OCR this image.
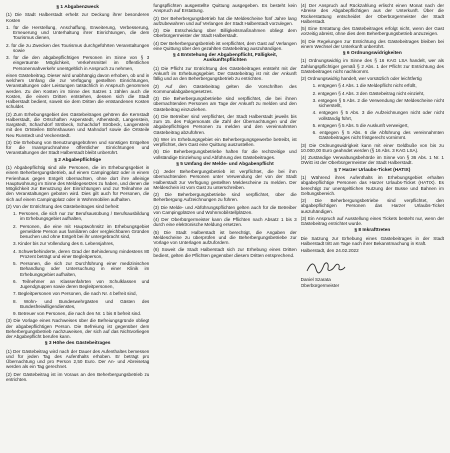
§ 1 Abgabenzweck

(1) Die Stadt Halberstadt erhebt zur Deckung ihrer besonderen Kosten

1. für die Herstellung, Anschaffung, Erweiterung, Verbesserung, Erneuerung und Unterhaltung ihrer Einrichtungen, die dem Tourismus dienen,

2. für die zu Zwecken des Tourismus durchgeführten Veranstaltungen sowie

3. für die den abgabepflichtigen Personen im Sinne von § 3 eingeräumte Möglichkeit, Verkehrsmittel im öffentlichen Personennahverkehr unentgeltlich in Anspruch zu nehmen,

einen Gästebeitrag. Dieser wird unabhängig davon erhoben, ob und in welchem Umfang die zur Verfügung gestellten Einrichtungen, Veranstaltungen oder Leistungen tatsächlich in Anspruch genommen werden. Zu den Kosten im Sinne des Satzes 1 zählen auch die Kosten, die einem Dritten entstehen, dessen sich die Stadt Halberstadt bedient, soweit sie dem Dritten die entstandenen Kosten schuldet.

(2) Zum Erhebungsgebiet des Gästebeitrages gehören die Kernstadt Halberstadt, die Ortschaften Aspenstedt, Athenstedt, Langenstein, Sargstedt, Schachdorf Ströbeck, Schachdorf Ströbeck, Langenstein mit den Ortsteilen Böhnshausen und Mahndorf sowie die Ortsteile Neu Runstedt und Veckenstedt.

(3) Die Erhebung von Benutzungsgebühren und sonstigen Entgelten für die Inanspruchnahme öffentlicher Einrichtungen und Veranstaltungen der Stadt Halberstadt bleibt unberührt.

§ 2 Abgabepflichtige

(1) Abgabepflichtig sind alle Personen, die im Erhebungsgebiet in einem Beherbergungsbetrieb, auf einem Campingplatz oder in einem Ferienhaus gegen Entgelt übernachten, ohne dort ihre alleinige Hauptwohnung im Sinne des Meldegesetzes zu haben, und denen die Möglichkeit zur Benutzung der Einrichtungen und zur Teilnahme an den Veranstaltungen geboten wird. Dies gilt auch für Personen, die sich auf einem Campingplatz oder in Wohnmobilen aufhalten.

(2) Von der Entrichtung des Gästebeitrages sind befreit:

1. Personen, die sich nur zur Berufsausübung / Berufsausbildung im Erhebungsgebiet aufhalten,

2. Personen, die eine mit Hauptwohnsitz im Erhebungsgebiet gemeldete Person aus familiären oder vergleichbaren Gründen besuchen und ohne Entgelt bei ihr untergebracht sind,

3. Kinder bis zur Vollendung des 6. Lebensjahres,

4. Schwerbehinderte, deren Grad der Behinderung mindestens 80 Prozent beträgt und einer Begleitperson,

5. Personen, die sich zur Durchführung einer medizinischen Behandlung oder Untersuchung in einer Klinik im Erhebungsgebiet aufhalten,

6. Teilnehmer an Klassenfahrten von Schulklassen und Jugendgruppen sowie deren Begleitpersonen,

7. Begleitpersonen von Personen, die nach Nr. 4 befreit sind,

8. Wohn- und Bundeswehrgästen und Gästen des Bundesfreiwilligendienstes,

9. Betreuer von Personen, die nach den Nr. 1 bis 8 befreit sind.

(3) Die Vorlage eines Nachweises über die Befreiungsgründe obliegt der abgabepflichtigen Person. Die Befreiung ist gegenüber dem Beherbergungsbetrieb nachzuweisen, der sich auf das Nichtvorliegen der Abgabepflicht berufen kann.

§ 3 Höhe des Gästebeitrages

(1) Der Gästebeitrag wird nach der Dauer des Aufenthaltes bemessen und für jeden Tag des Aufenthalts erhoben. Er beträgt pro Übernachtung und pro Person 2,50 Euro. Der An- und Abreisetag werden als ein Tag gerechnet.

(2) Der Gästebeitrag ist im Voraus an den Beherbergungsbetrieb zu entrichten.

fungspflichten ausgestellte Quittung ausgegeben. Es besteht kein Anspruch auf Erstattung.

(2) Der Beherbergungsbetrieb hat die Meldescheine fünf Jahre lang aufzubewahren und auf Verlangen der Stadt Halberstadt vorzulegen.

(3) Die Entscheidung über Billigkeitsmaßnahmen obliegt dem Oberbürgermeister der Stadt Halberstadt.

(4) Der Beherbergungsbetrieb ist verpflichtet, dem Gast auf Verlangen eine Quittung über den gezahlten Gästebeitrag auszuhändigen.

§ 4 Entstehung der Abgabenpflicht, Fälligkeit, Auskunftspflichten

(1) Die Pflicht zur Entrichtung des Gästebeitrages entsteht mit der Ankunft im Erhebungsgebiet. Der Gästebeitrag ist mit der Ankunft fällig und an den Beherbergungsbetrieb zu entrichten.

(2) Auf den Gästebeitrag gelten die Vorschriften des Kommunalabgabengesetzes.

(3) Die Beherbergungsbetriebe sind verpflichtet, die bei ihnen übernachtenden Personen am Tage der Ankunft zu melden und den Gästebeitrag einzuziehen.

(4) Die Betreiber sind verpflichtet, der Stadt Halberstadt jeweils bis zum 15. des Folgemonats die Zahl der Übernachtungen und der abgabepflichtigen Personen zu melden und den vereinnahmten Gästebeitrag abzuführen.

(5) Wer im Erhebungsgebiet ein Beherbergungsgewerbe betreibt, ist verpflichtet, dem Gast eine Quittung auszustellen.

(6) Die Beherbergungsbetriebe haften für die rechtzeitige und vollständige Einziehung und Abführung des Gästebeitrages.

§ 5 Umfang der Melde- und Abgabenpflicht

(1) Jeder Beherbergungsbetrieb ist verpflichtet, die bei ihm übernachtenden Personen unter Verwendung der von der Stadt Halberstadt zur Verfügung gestellten Meldescheine zu melden. Der Meldeschein ist vom Gast zu unterschreiben.

(2) Die Beherbergungsbetriebe sind verpflichtet, über die Beherbergung Aufzeichnungen zu führen.

(3) Die Melde- und Abführungspflichten gelten auch für die Betreiber von Campingplätzen und Wohnmobilstellplätzen.

(4) Der Oberbürgermeister kann die Pflichten nach Absatz 1 bis 3 durch eine elektronische Meldung ersetzen.

(5) Die Stadt Halberstadt ist berechtigt, die Angaben der Meldescheine zu überprüfen und die Beherbergungsbetriebe zur Vorlage von Unterlagen aufzufordern.

(6) Soweit die Stadt Halberstadt sich zur Erhebung eines Dritten bedient, gelten die Pflichten gegenüber diesem Dritten entsprechend.

(4) Der Anspruch auf Rückzahlung erlischt einen Monat nach der Abreise des Abgabepflichtigen aus der Unterkunft. Über die Rückerstattung entscheidet der Oberbürgermeister der Stadt Halberstadt.

(5) Eine Erstattung des Gästebeitrages erfolgt nicht, wenn der Gast vorzeitig abreist, ohne dies dem Beherbergungsbetrieb anzuzeigen.

(6) Die Regelungen zur Entrichtung des Gästebeitrages bleiben bei einem Wechsel der Unterkunft unberührt.

§ 6 Ordnungswidrigkeiten

(1) Ordnungswidrig im Sinne des § 16 KAG LSA handelt, wer als Zahlungspflichtiger gemäß § 2 Abs. 1 der Pflicht zur Entrichtung des Gästebeitrages nicht nachkommt.

(2) Ordnungswidrig handelt, wer vorsätzlich oder leichtfertig

1. entgegen § 4 Abs. 1 die Meldepflicht nicht erfüllt,

2. entgegen § 4 Abs. 3 den Gästebeitrag nicht einzieht,

3. entgegen § 5 Abs. 2 die Verwendung der Meldescheine nicht sicherstellt,

4. entgegen § 5 Abs. 3 die Aufzeichnungen nicht oder nicht vollständig führt,

5. entgegen § 5 Abs. 5 die Auskunft verweigert,

6. entgegen § 5 Abs. 6 die Abführung des vereinnahmten Gästebeitrages nicht fristgerecht vornimmt.

(3) Die Ordnungswidrigkeit kann mit einer Geldbuße von bis zu 10.000,00 Euro geahndet werden (§ 16 Abs. 3 KAG LSA).

(4) Zuständige Verwaltungsbehörde im Sinne von § 36 Abs. 1 Nr. 1 OWiG ist der Oberbürgermeister der Stadt Halberstadt.

§ 7 Harzer Urlaubs-Ticket (HATIX)

(1) Während ihres Aufenthalts im Erhebungsgebiet erhalten abgabepflichtige Personen das Harzer Urlaubs-Ticket (HATIX). Es berechtigt zur unentgeltlichen Nutzung der Busse und Bahnen im Geltungsbereich.

(2) Die Beherbergungsbetriebe sind verpflichtet, den abgabepflichtigen Personen das Harzer Urlaubs-Ticket auszuhändigen.

(3) Ein Anspruch auf Ausstellung eines Tickets besteht nur, wenn der Gästebeitrag entrichtet wurde.

§ 8 Inkrafttreten

Die Satzung zur Erhebung eines Gästebeitrages in der Stadt Halberstadt tritt am Tage nach ihrer Bekanntmachung in Kraft.

Halberstadt, den 24.02.2022

Daniel Szarata
Oberbürgermeister
